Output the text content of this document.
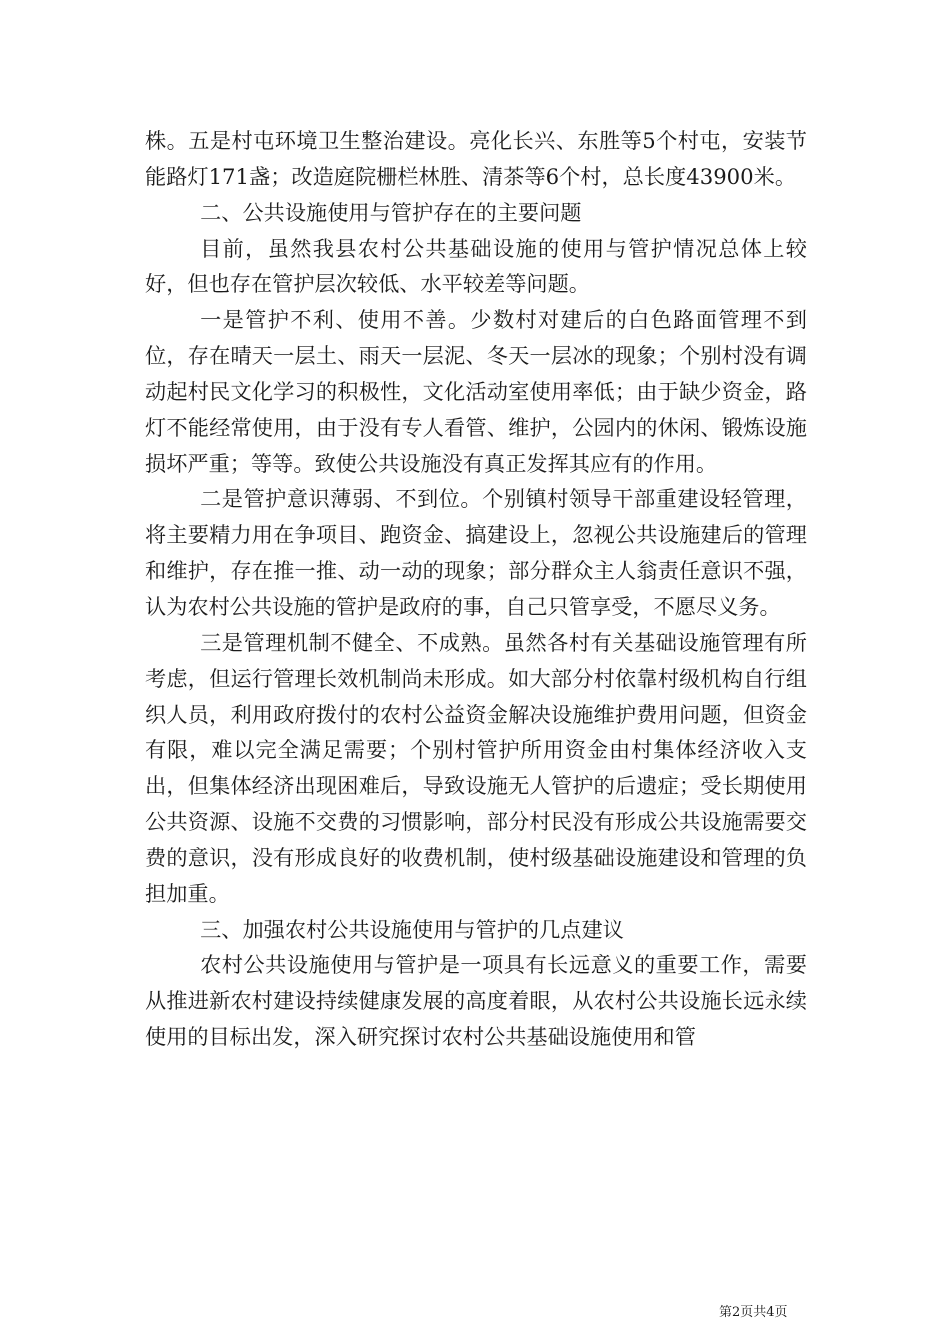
株。五是村屯环境卫生整治建设。亮化长兴、东胜等5个村屯，安装节能路灯171盏；改造庭院栅栏林胜、清茶等6个村，总长度43900米。

二、公共设施使用与管护存在的主要问题

目前，虽然我县农村公共基础设施的使用与管护情况总体上较好，但也存在管护层次较低、水平较差等问题。

一是管护不利、使用不善。少数村对建后的白色路面管理不到位，存在晴天一层土、雨天一层泥、冬天一层冰的现象；个别村没有调动起村民文化学习的积极性，文化活动室使用率低；由于缺少资金，路灯不能经常使用，由于没有专人看管、维护，公园内的休闲、锻炼设施损坏严重；等等。致使公共设施没有真正发挥其应有的作用。

二是管护意识薄弱、不到位。个别镇村领导干部重建设轻管理，将主要精力用在争项目、跑资金、搞建设上，忽视公共设施建后的管理和维护，存在推一推、动一动的现象；部分群众主人翁责任意识不强，认为农村公共设施的管护是政府的事，自己只管享受，不愿尽义务。

三是管理机制不健全、不成熟。虽然各村有关基础设施管理有所考虑，但运行管理长效机制尚未形成。如大部分村依靠村级机构自行组织人员，利用政府拨付的农村公益资金解决设施维护费用问题，但资金有限，难以完全满足需要；个别村管护所用资金由村集体经济收入支出，但集体经济出现困难后，导致设施无人管护的后遗症；受长期使用公共资源、设施不交费的习惯影响，部分村民没有形成公共设施需要交费的意识，没有形成良好的收费机制，使村级基础设施建设和管理的负担加重。

三、加强农村公共设施使用与管护的几点建议

农村公共设施使用与管护是一项具有长远意义的重要工作，需要从推进新农村建设持续健康发展的高度着眼，从农村公共设施长远永续使用的目标出发，深入研究探讨农村公共基础设施使用和管

第2页共4页
